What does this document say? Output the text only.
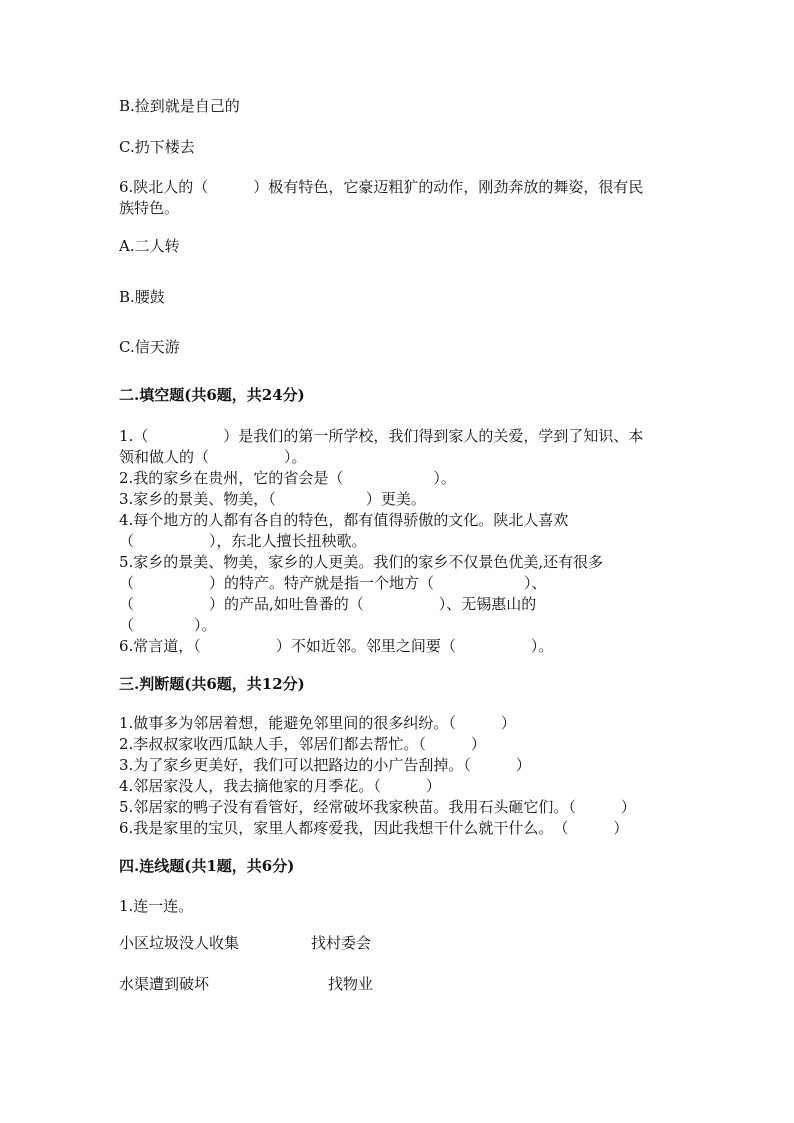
B.捡到就是自己的
C.扔下楼去
6.陕北人的（　　　）极有特色，它豪迈粗犷的动作，刚劲奔放的舞姿，很有民
族特色。
A.二人转
B.腰鼓
C.信天游
二.填空题(共6题，共24分)
1.（　　　　　）是我们的第一所学校，我们得到家人的关爱，学到了知识、本
领和做人的（　　　　　）。
2.我的家乡在贵州，它的省会是（　　　　　　）。
3.家乡的景美、物美，（　　　　　　）更美。
4.每个地方的人都有各自的特色，都有值得骄傲的文化。陕北人喜欢
（　　　　　），东北人擅长扭秧歌。
5.家乡的景美、物美，家乡的人更美。我们的家乡不仅景色优美,还有很多
（　　　　　）的特产。特产就是指一个地方（　　　　　　）、
（　　　　　）的产品,如吐鲁番的（　　　　　）、无锡惠山的
（　　　　）。
6.常言道，（　　　　　）不如近邻。邻里之间要（　　　　　）。
三.判断题(共6题，共12分)
1.做事多为邻居着想，能避免邻里间的很多纠纷。（　　　）
2.李叔叔家收西瓜缺人手，邻居们都去帮忙。（　　　）
3.为了家乡更美好，我们可以把路边的小广告刮掉。（　　　）
4.邻居家没人，我去摘他家的月季花。（　　　）
5.邻居家的鸭子没有看管好，经常破坏我家秧苗。我用石头砸它们。（　　　）
6.我是家里的宝贝，家里人都疼爱我，因此我想干什么就干什么。　（　　　）
四.连线题(共1题，共6分)
1.连一连。
小区垃圾没人收集	找村委会
水渠遭到破坏	找物业
